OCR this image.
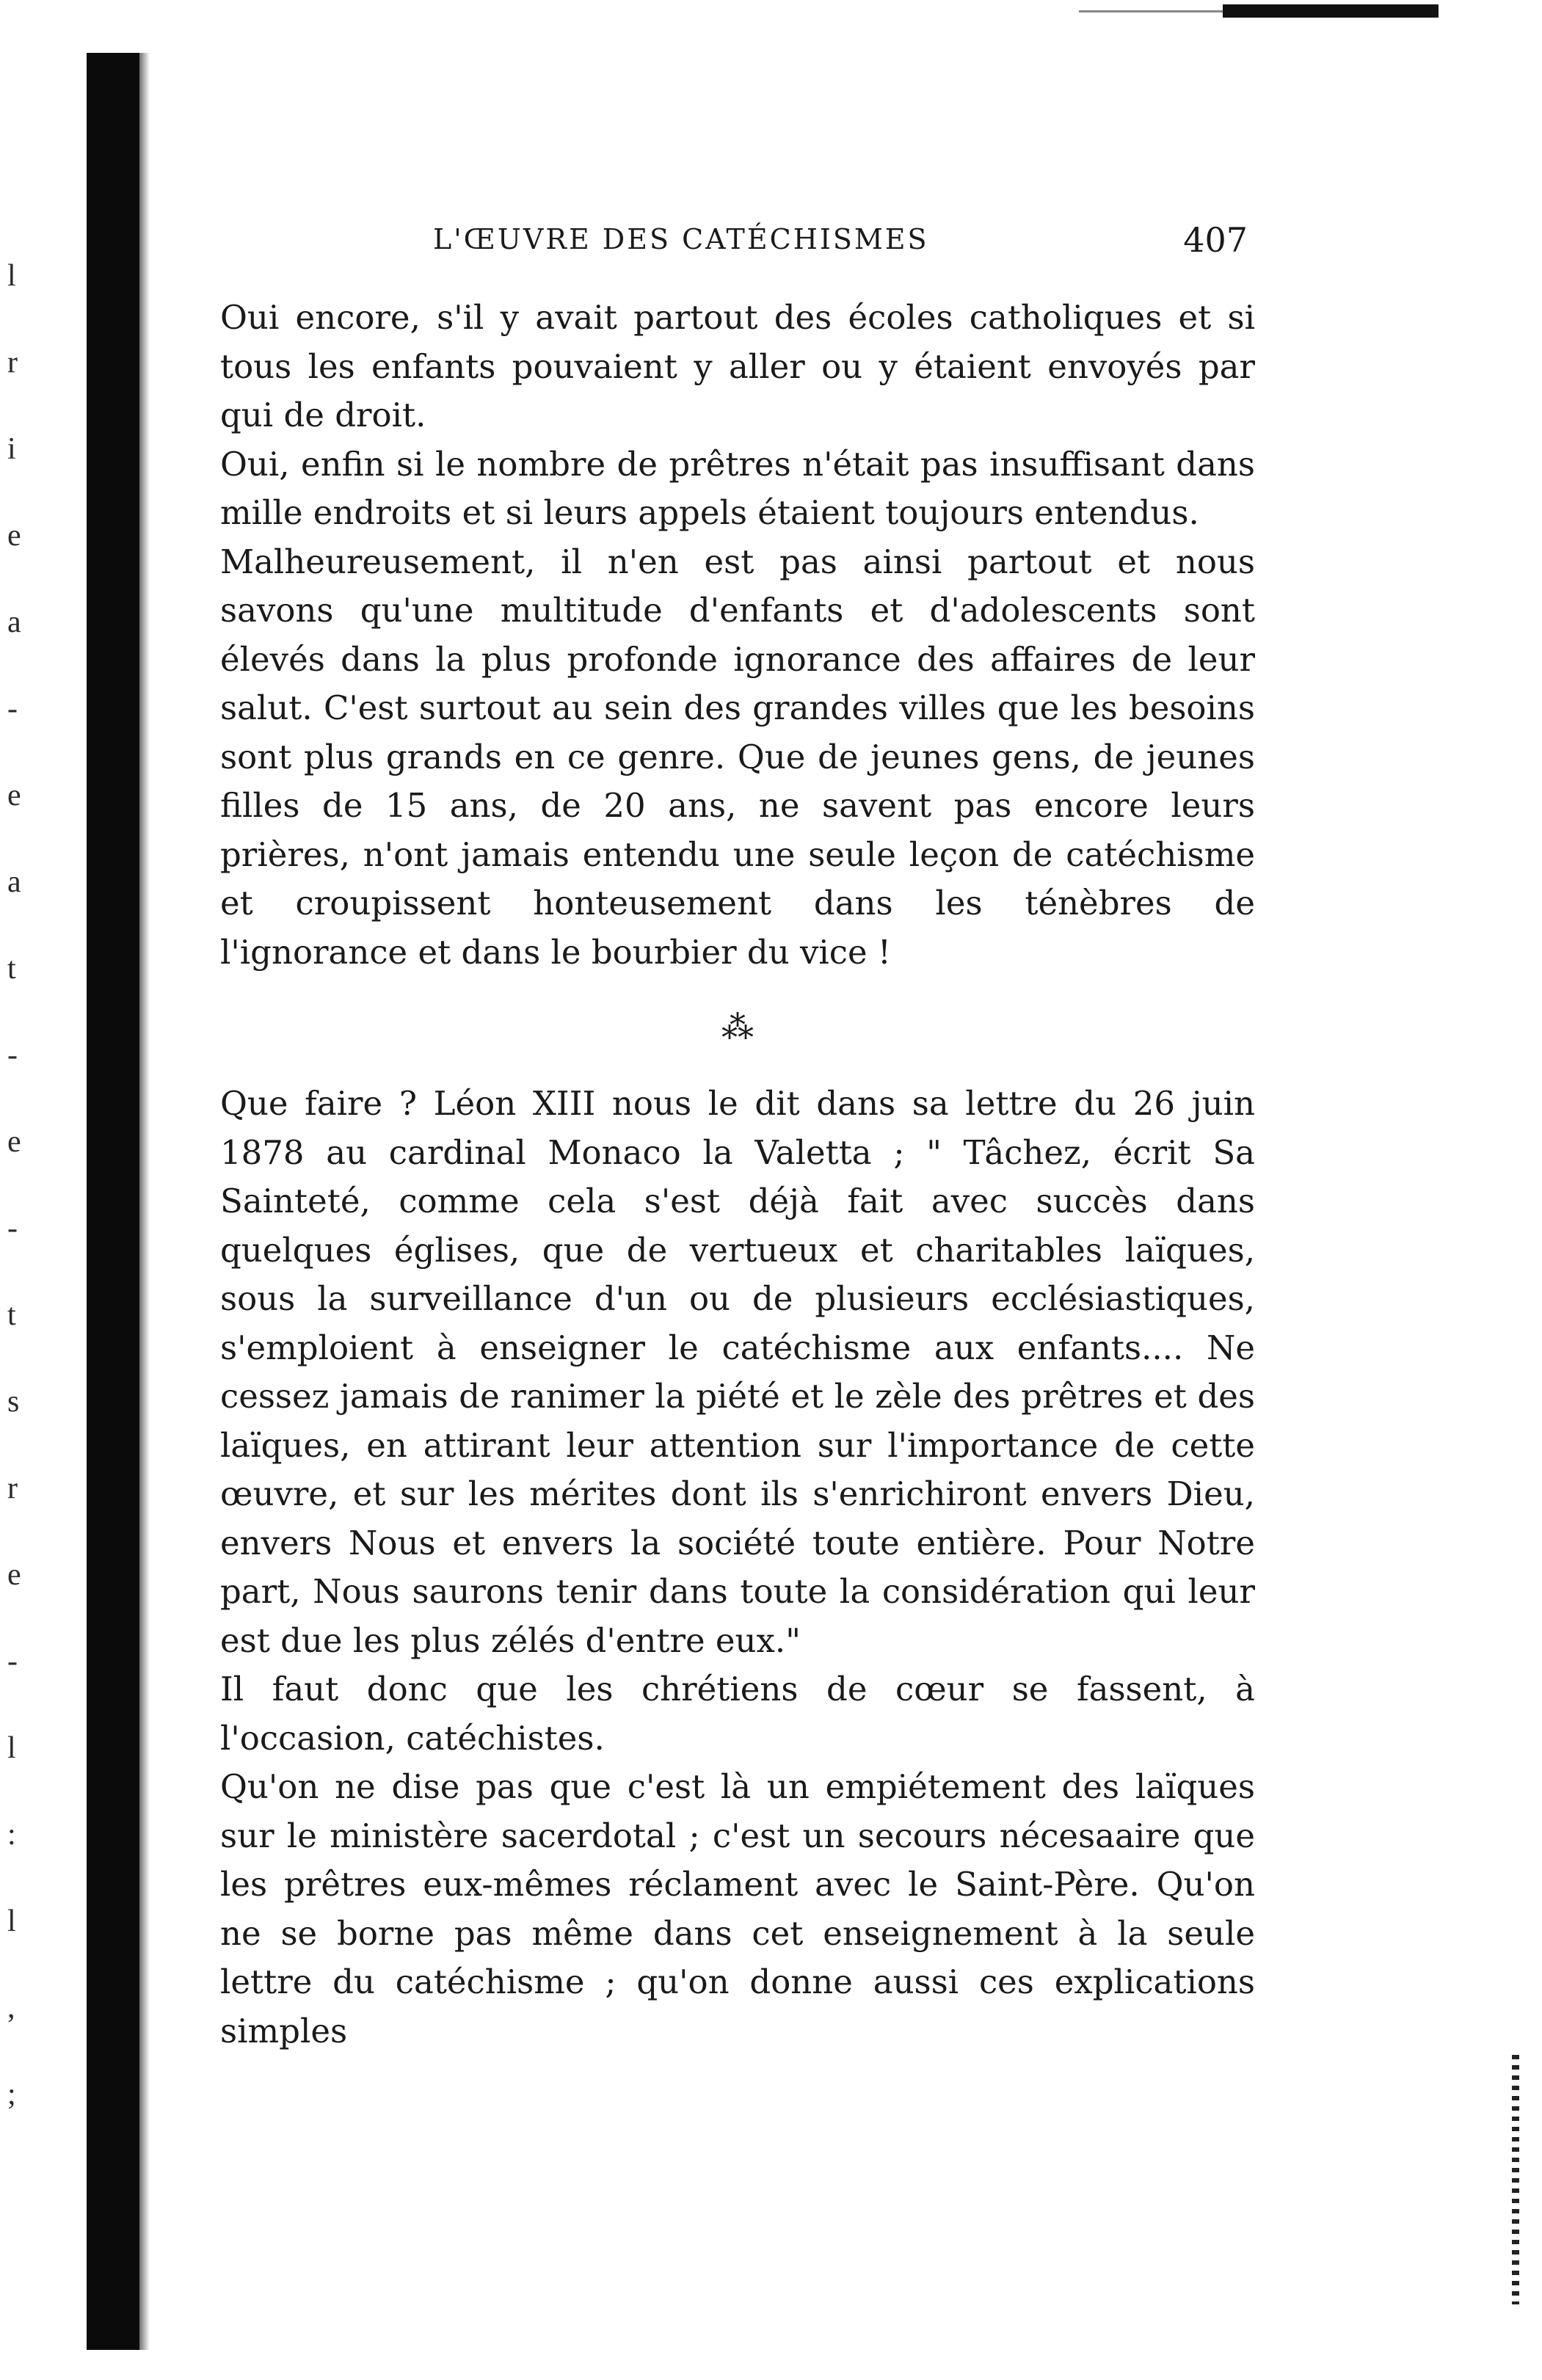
l
r
i
e
a
-
e
a
t
-
e
-
t
s
r
e
-
l
:
l
,
;
L'ŒUVRE DES CATÉCHISMES	407

Oui encore, s'il y avait partout des écoles catholiques et si tous les enfants pouvaient y aller ou y étaient envoyés par qui de droit.

Oui, enfin si le nombre de prêtres n'était pas insuffisant dans mille endroits et si leurs appels étaient toujours entendus.

Malheureusement, il n'en est pas ainsi partout et nous savons qu'une multitude d'enfants et d'adolescents sont élevés dans la plus profonde ignorance des affaires de leur salut. C'est surtout au sein des grandes villes que les besoins sont plus grands en ce genre. Que de jeunes gens, de jeunes filles de 15 ans, de 20 ans, ne savent pas encore leurs prières, n'ont jamais entendu une seule leçon de catéchisme et croupissent honteusement dans les ténèbres de l'ignorance et dans le bourbier du vice !

⁂

Que faire ? Léon XIII nous le dit dans sa lettre du 26 juin 1878 au cardinal Monaco la Valetta ; " Tâchez, écrit Sa Sainteté, comme cela s'est déjà fait avec succès dans quelques églises, que de vertueux et charitables laïques, sous la surveillance d'un ou de plusieurs ecclésiastiques, s'emploient à enseigner le catéchisme aux enfants.... Ne cessez jamais de ranimer la piété et le zèle des prêtres et des laïques, en attirant leur attention sur l'importance de cette œuvre, et sur les mérites dont ils s'enrichiront envers Dieu, envers Nous et envers la société toute entière. Pour Notre part, Nous saurons tenir dans toute la considération qui leur est due les plus zélés d'entre eux."

Il faut donc que les chrétiens de cœur se fassent, à l'occasion, catéchistes.

Qu'on ne dise pas que c'est là un empiétement des laïques sur le ministère sacerdotal ; c'est un secours nécesaaire que les prêtres eux-mêmes réclament avec le Saint-Père. Qu'on ne se borne pas même dans cet enseignement à la seule lettre du catéchisme ; qu'on donne aussi ces explications simples
